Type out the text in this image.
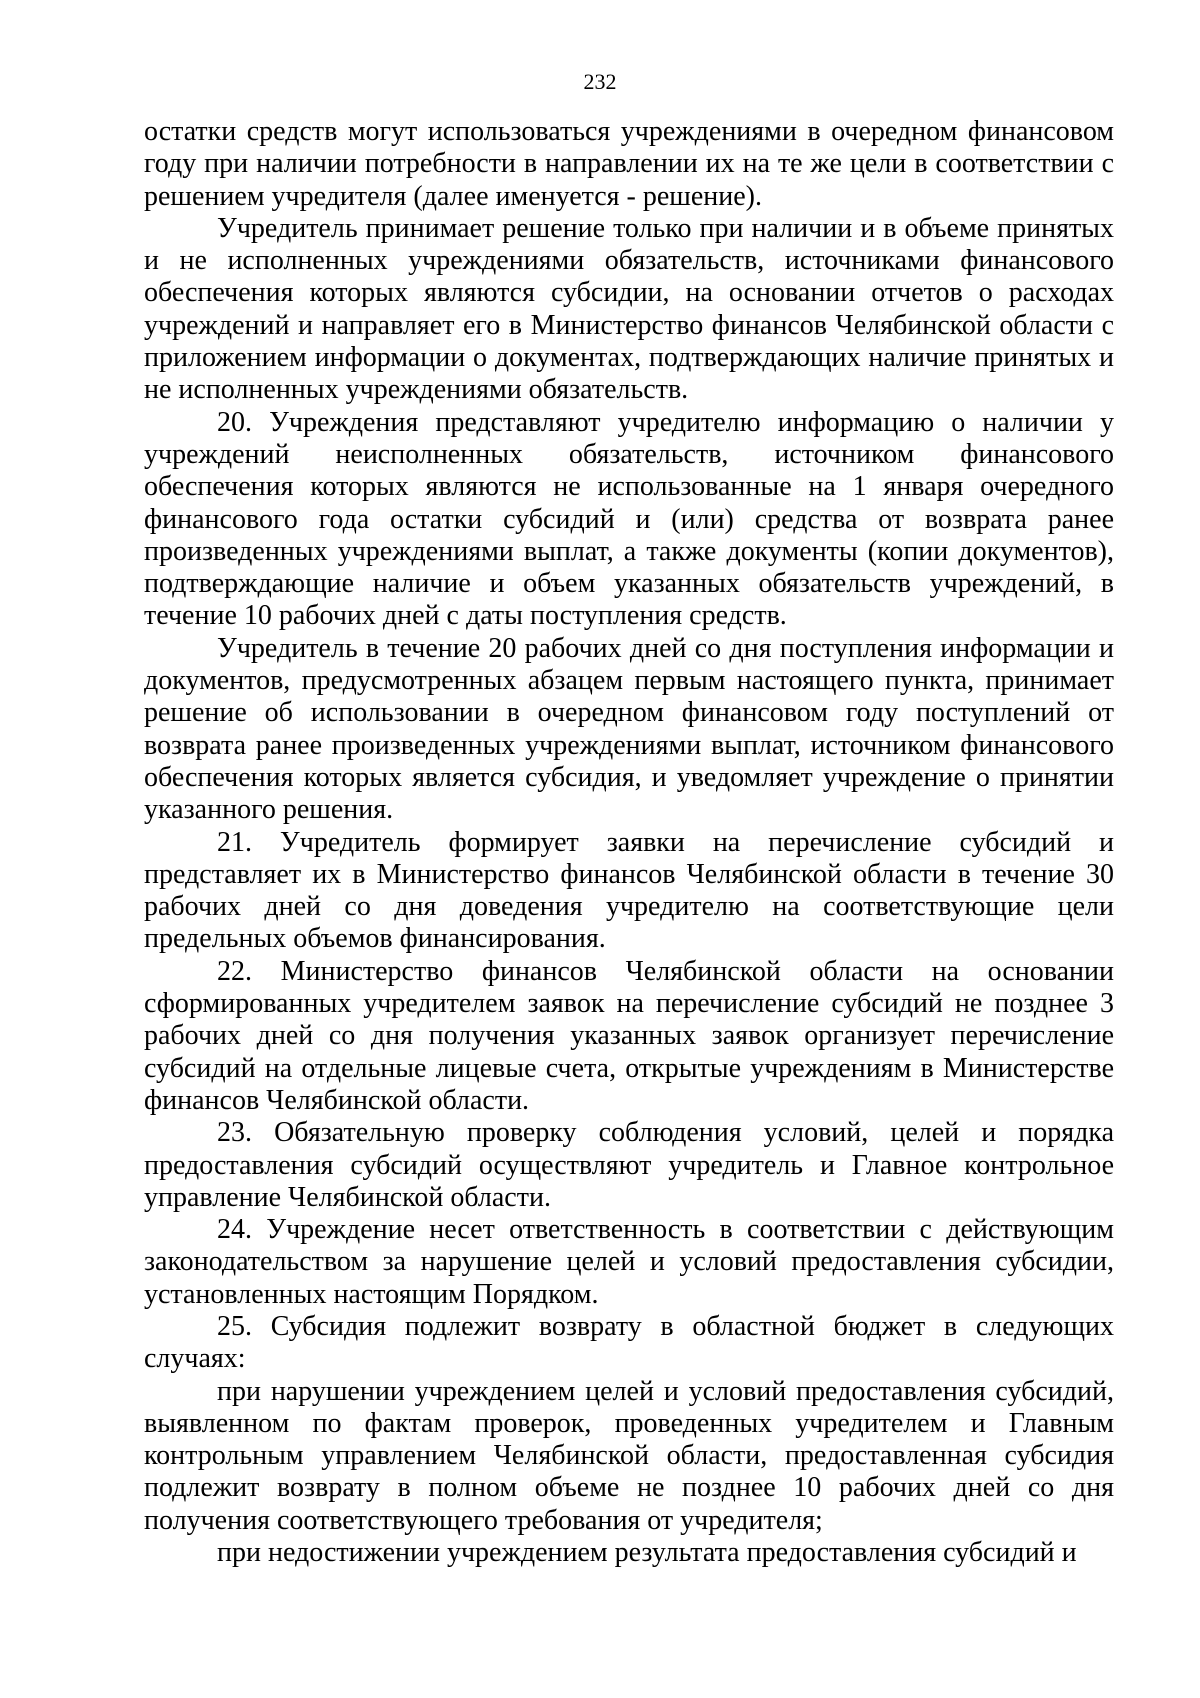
232

остатки средств могут использоваться учреждениями в очередном финансовом году при наличии потребности в направлении их на те же цели в соответствии с решением учредителя (далее именуется - решение).

Учредитель принимает решение только при наличии и в объеме принятых и не исполненных учреждениями обязательств, источниками финансового обеспечения которых являются субсидии, на основании отчетов о расходах учреждений и направляет его в Министерство финансов Челябинской области с приложением информации о документах, подтверждающих наличие принятых и не исполненных учреждениями обязательств.

20. Учреждения представляют учредителю информацию о наличии у учреждений неисполненных обязательств, источником финансового обеспечения которых являются не использованные на 1 января очередного финансового года остатки субсидий и (или) средства от возврата ранее произведенных учреждениями выплат, а также документы (копии документов), подтверждающие наличие и объем указанных обязательств учреждений, в течение 10 рабочих дней с даты поступления средств.

Учредитель в течение 20 рабочих дней со дня поступления информации и документов, предусмотренных абзацем первым настоящего пункта, принимает решение об использовании в очередном финансовом году поступлений от возврата ранее произведенных учреждениями выплат, источником финансового обеспечения которых является субсидия, и уведомляет учреждение о принятии указанного решения.

21. Учредитель формирует заявки на перечисление субсидий и представляет их в Министерство финансов Челябинской области в течение 30 рабочих дней со дня доведения учредителю на соответствующие цели предельных объемов финансирования.

22. Министерство финансов Челябинской области на основании сформированных учредителем заявок на перечисление субсидий не позднее 3 рабочих дней со дня получения указанных заявок организует перечисление субсидий на отдельные лицевые счета, открытые учреждениям в Министерстве финансов Челябинской области.

23. Обязательную проверку соблюдения условий, целей и порядка предоставления субсидий осуществляют учредитель и Главное контрольное управление Челябинской области.

24. Учреждение несет ответственность в соответствии с действующим законодательством за нарушение целей и условий предоставления субсидии, установленных настоящим Порядком.

25. Субсидия подлежит возврату в областной бюджет в следующих случаях:

при нарушении учреждением целей и условий предоставления субсидий, выявленном по фактам проверок, проведенных учредителем и Главным контрольным управлением Челябинской области, предоставленная субсидия подлежит возврату в полном объеме не позднее 10 рабочих дней со дня получения соответствующего требования от учредителя;

при недостижении учреждением результата предоставления субсидий и
